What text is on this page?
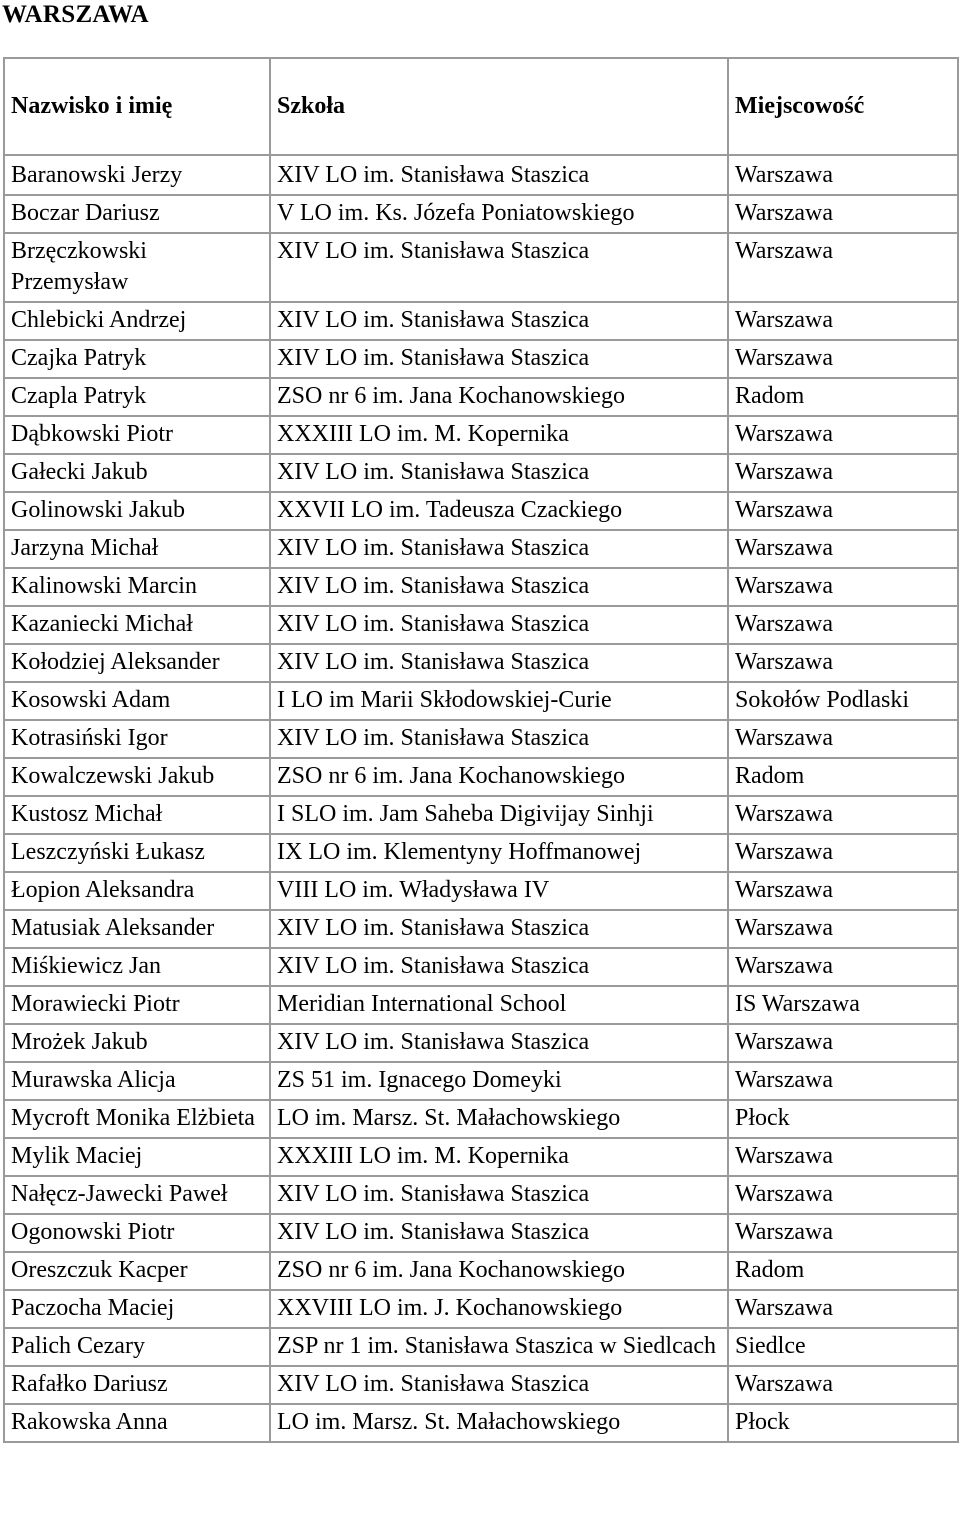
WARSZAWA
Nazwisko i imię	Szkoła	Miejscowość
Baranowski Jerzy	XIV LO im. Stanisława Staszica	Warszawa
Boczar Dariusz	V LO im. Ks. Józefa Poniatowskiego	Warszawa
Brzęczkowski Przemysław	XIV LO im. Stanisława Staszica	Warszawa
Chlebicki Andrzej	XIV LO im. Stanisława Staszica	Warszawa
Czajka Patryk	XIV LO im. Stanisława Staszica	Warszawa
Czapla Patryk	ZSO nr 6 im. Jana Kochanowskiego	Radom
Dąbkowski Piotr	XXXIII LO im. M. Kopernika	Warszawa
Gałecki Jakub	XIV LO im. Stanisława Staszica	Warszawa
Golinowski Jakub	XXVII LO im. Tadeusza Czackiego	Warszawa
Jarzyna Michał	XIV LO im. Stanisława Staszica	Warszawa
Kalinowski Marcin	XIV LO im. Stanisława Staszica	Warszawa
Kazaniecki Michał	XIV LO im. Stanisława Staszica	Warszawa
Kołodziej Aleksander	XIV LO im. Stanisława Staszica	Warszawa
Kosowski Adam	I LO im Marii Skłodowskiej-Curie	Sokołów Podlaski
Kotrasiński Igor	XIV LO im. Stanisława Staszica	Warszawa
Kowalczewski Jakub	ZSO nr 6 im. Jana Kochanowskiego	Radom
Kustosz Michał	I SLO im. Jam Saheba Digivijay Sinhji	Warszawa
Leszczyński Łukasz	IX LO im. Klementyny Hoffmanowej	Warszawa
Łopion Aleksandra	VIII LO im. Władysława IV	Warszawa
Matusiak Aleksander	XIV LO im. Stanisława Staszica	Warszawa
Miśkiewicz Jan	XIV LO im. Stanisława Staszica	Warszawa
Morawiecki Piotr	Meridian International School	IS Warszawa
Mrożek Jakub	XIV LO im. Stanisława Staszica	Warszawa
Murawska Alicja	ZS 51 im. Ignacego Domeyki	Warszawa
Mycroft Monika Elżbieta	LO im. Marsz. St. Małachowskiego	Płock
Mylik Maciej	XXXIII LO im. M. Kopernika	Warszawa
Nałęcz-Jawecki Paweł	XIV LO im. Stanisława Staszica	Warszawa
Ogonowski Piotr	XIV LO im. Stanisława Staszica	Warszawa
Oreszczuk Kacper	ZSO nr 6 im. Jana Kochanowskiego	Radom
Paczocha Maciej	XXVIII LO im. J. Kochanowskiego	Warszawa
Palich Cezary	ZSP nr 1 im. Stanisława Staszica w Siedlcach	Siedlce
Rafałko Dariusz	XIV LO im. Stanisława Staszica	Warszawa
Rakowska Anna	LO im. Marsz. St. Małachowskiego	Płock
